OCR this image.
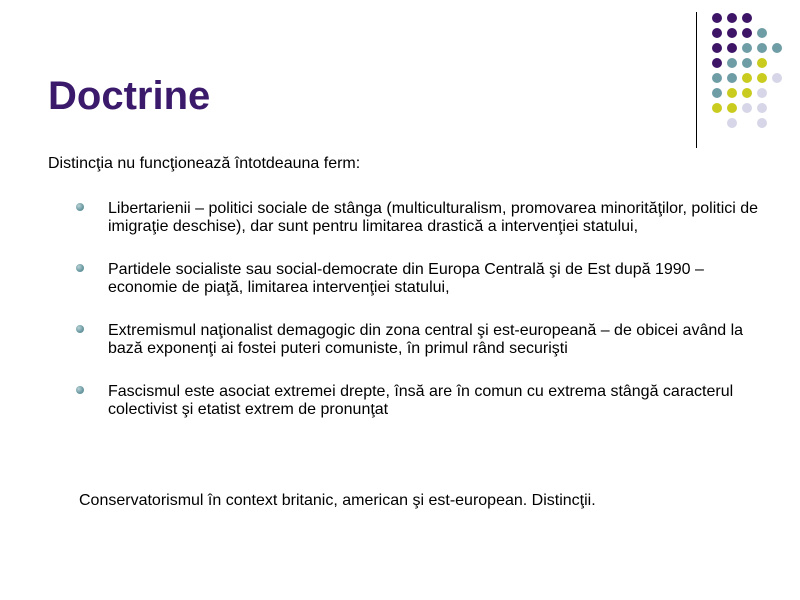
Doctrine

Distincţia nu funcţionează întotdeauna ferm:

Libertarienii – politici sociale de stânga (multiculturalism, promovarea minorităţilor, politici de imigraţie deschise), dar sunt pentru limitarea drastică a intervenţiei statului,
Partidele socialiste sau social-democrate din Europa Centrală şi de Est după 1990 – economie de piaţă, limitarea intervenţiei statului,
Extremismul naţionalist demagogic din zona central şi est-europeană – de obicei având la bază exponenţi ai fostei puteri comuniste, în primul rând securişti
Fascismul este asociat extremei drepte, însă are în comun cu extrema stângă caracterul colectivist şi etatist extrem de pronunţat

Conservatorismul în context britanic, american şi est-european. Distincţii.
